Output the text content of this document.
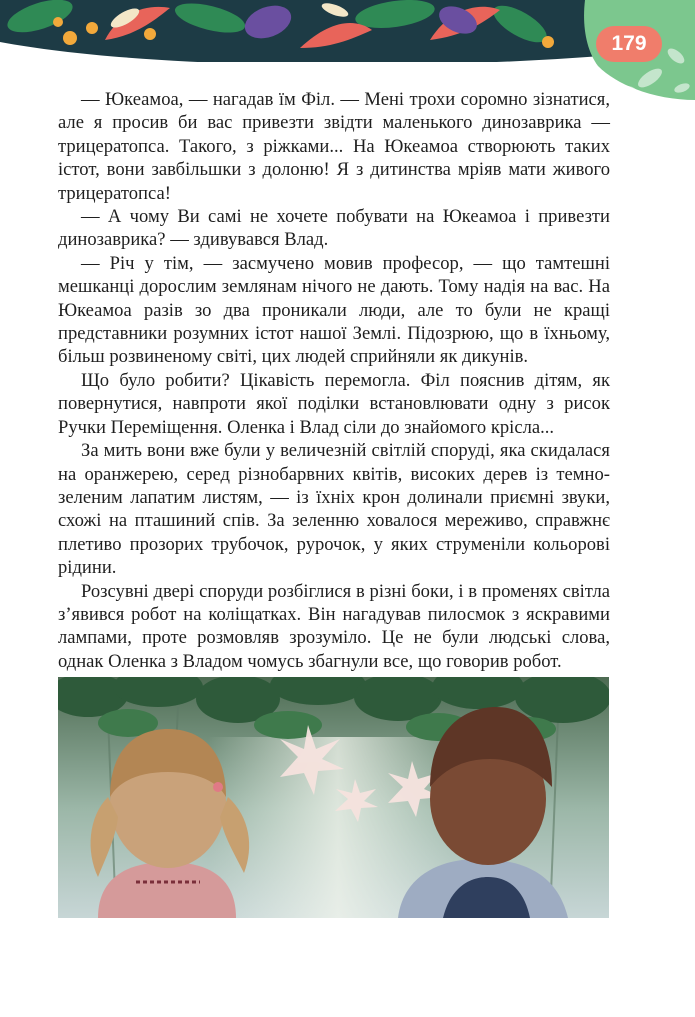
179

— Юкеамоа, — нагадав їм Філ. — Мені трохи соромно зізнатися, але я просив би вас привезти звідти маленького динозаврика — трицератопса. Такого, з ріжками... На Юкеамоа створюють таких істот, вони завбільшки з долоню! Я з дитинства мріяв мати живого трицератопса!

— А чому Ви самі не хочете побувати на Юкеамоа і привезти динозаврика? — здивувався Влад.

— Річ у тім, — засмучено мовив професор, — що тамтешні мешканці дорослим землянам нічого не дають. Тому надія на вас. На Юкеамоа разів зо два проникали люди, але то були не кращі представники розумних істот нашої Землі. Підозрюю, що в їхньому, більш розвиненому світі, цих людей сприйняли як дикунів.

Що було робити? Цікавість перемогла. Філ пояснив дітям, як повернутися, навпроти якої поділки встановлювати одну з рисок Ручки Переміщення. Оленка і Влад сіли до знайомого крісла...

За мить вони вже були у величезній світлій споруді, яка скидалася на оранжерею, серед різнобарвних квітів, високих дерев із темно-зеленим лапатим листям, — із їхніх крон долинали приємні звуки, схожі на пташиний спів. За зеленню ховалося мереживо, справжнє плетиво прозорих трубочок, рурочок, у яких струменіли кольорові рідини.

Розсувні двері споруди розбіглися в різні боки, і в променях світла з’явився робот на коліщатках. Він нагадував пилосмок з яскравими лампами, проте розмовляв зрозуміло. Це не були людські слова, однак Оленка з Владом чомусь збагнули все, що говорив робот.
